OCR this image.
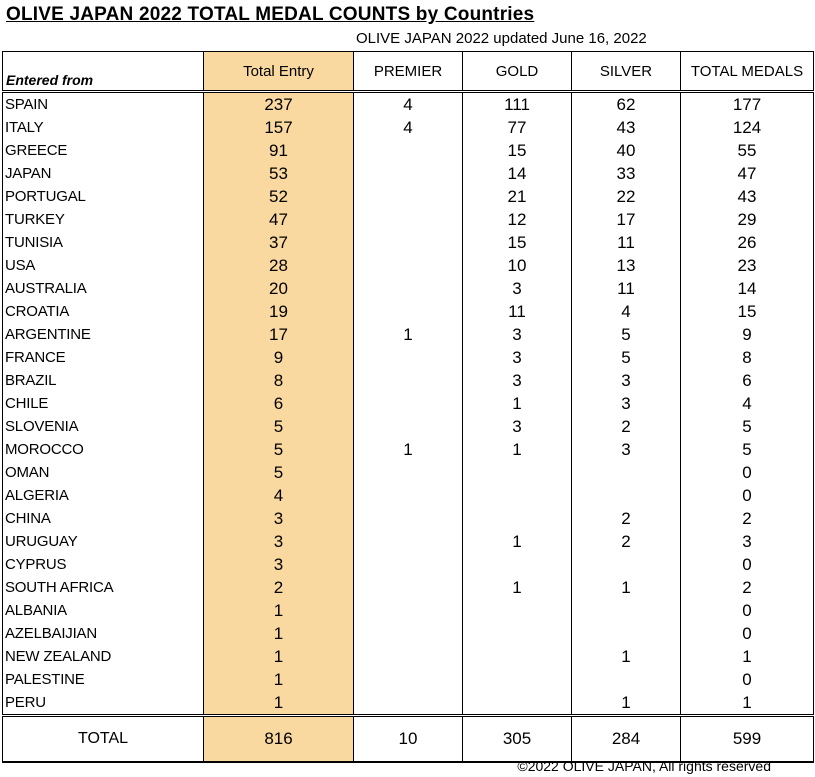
OLIVE JAPAN 2022 TOTAL MEDAL COUNTS by Countries
OLIVE JAPAN 2022 updated June 16, 2022
Entered from	Total Entry	PREMIER	GOLD	SILVER	TOTAL MEDALS
SPAIN	237	4	111	62	177
ITALY	157	4	77	43	124
GREECE	91		15	40	55
JAPAN	53		14	33	47
PORTUGAL	52		21	22	43
TURKEY	47		12	17	29
TUNISIA	37		15	11	26
USA	28		10	13	23
AUSTRALIA	20		3	11	14
CROATIA	19		11	4	15
ARGENTINE	17	1	3	5	9
FRANCE	9		3	5	8
BRAZIL	8		3	3	6
CHILE	6		1	3	4
SLOVENIA	5		3	2	5
MOROCCO	5	1	1	3	5
OMAN	5				0
ALGERIA	4				0
CHINA	3			2	2
URUGUAY	3		1	2	3
CYPRUS	3				0
SOUTH AFRICA	2		1	1	2
ALBANIA	1				0
AZELBAIJIAN	1				0
NEW ZEALAND	1			1	1
PALESTINE	1				0
PERU	1			1	1
TOTAL	816	10	305	284	599
©2022 OLIVE JAPAN, All rights reserved
